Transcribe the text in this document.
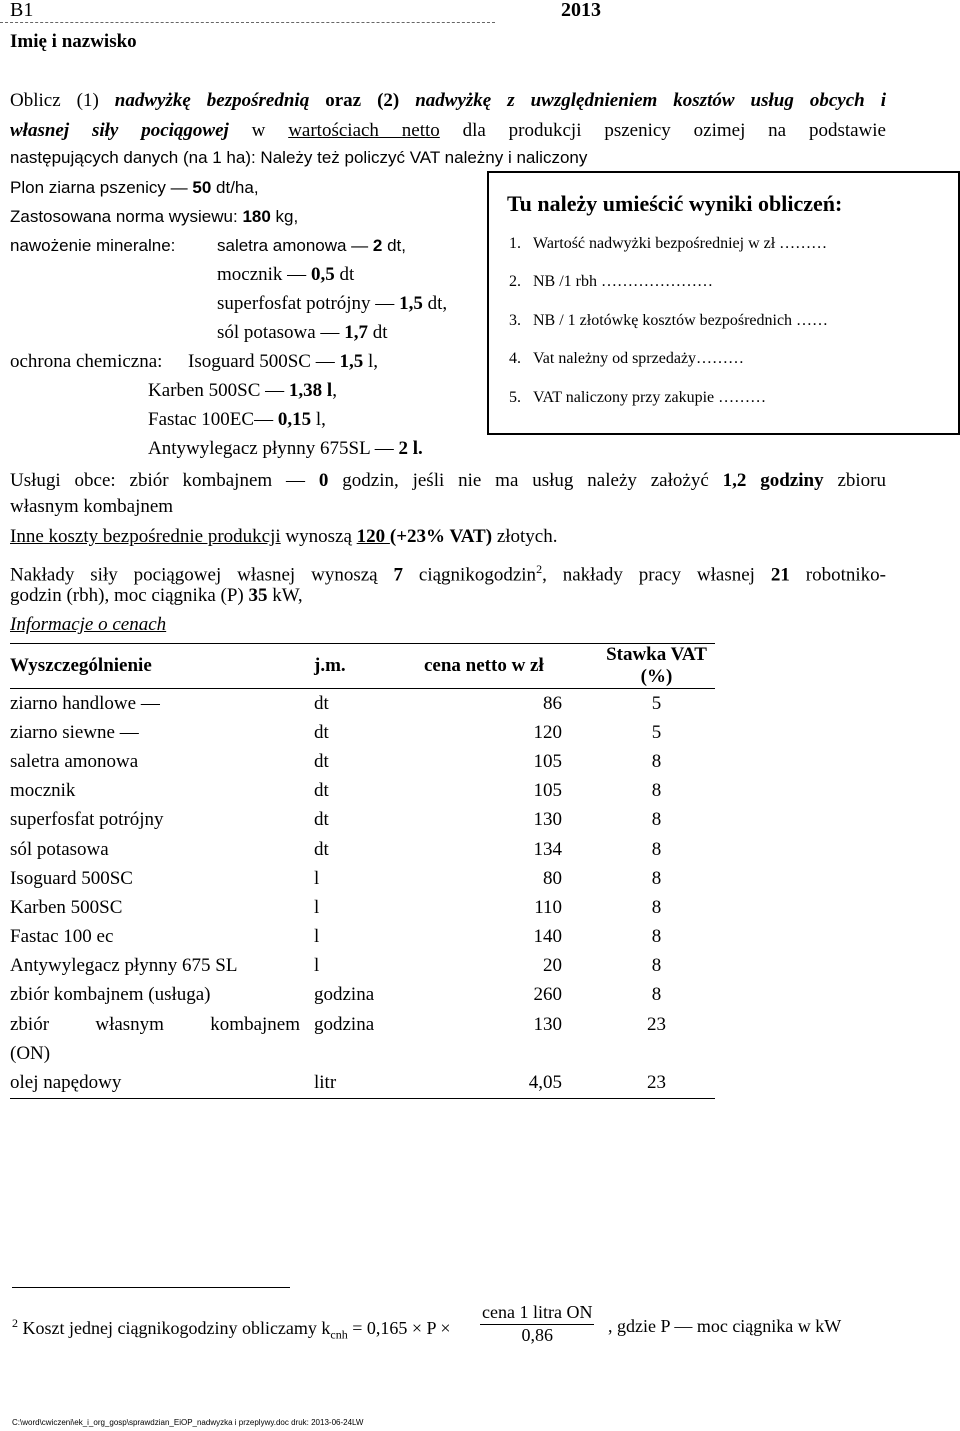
B1	2013
Imię i nazwisko
Oblicz (1) nadwyżkę bezpośrednią oraz (2) nadwyżkę z uwzględnieniem kosztów usług obcych i
własnej siły pociągowej w wartościach netto dla produkcji pszenicy ozimej na podstawie
następujących danych (na 1 ha): Należy też policzyć VAT należny i naliczony
Plon ziarna pszenicy — 50 dt/ha,
Zastosowana norma wysiewu: 180 kg,
nawożenie mineralne: saletra amonowa — 2 dt,
mocznik — 0,5 dt
superfosfat potrójny — 1,5 dt,
sól potasowa — 1,7 dt
ochrona chemiczna: Isoguard 500SC — 1,5 l,
Karben 500SC — 1,38 l,
Fastac 100EC— 0,15 l,
Antywylegacz płynny 675SL — 2 l.
Tu należy umieścić wyniki obliczeń:
1. Wartość nadwyżki bezpośredniej w zł ………
2. NB /1 rbh …………………
3. NB / 1 złotówkę kosztów bezpośrednich ……
4. Vat należny od sprzedaży………
5. VAT naliczony przy zakupie ………
Usługi obce: zbiór kombajnem — 0 godzin, jeśli nie ma usług należy założyć 1,2 godziny zbioru
własnym kombajnem
Inne koszty bezpośrednie produkcji wynoszą 120 (+23% VAT) złotych.
Nakłady siły pociągowej własnej wynoszą 7 ciągnikogodzin$^2$, nakłady pracy własnej 21 robotniko-
godzin (rbh), moc ciągnika (P) 35 kW,
Informacje o cenach
Wyszczególnienie	j.m.	cena netto w zł	Stawka VAT (%)
ziarno handlowe —	dt	86	5
ziarno siewne —	dt	120	5
saletra amonowa	dt	105	8
mocznik	dt	105	8
superfosfat potrójny	dt	130	8
sól potasowa	dt	134	8
Isoguard 500SC	l	80	8
Karben 500SC	l	110	8
Fastac 100 ec	l	140	8
Antywylegacz płynny 675 SL	l	20	8
zbiór kombajnem (usługa)	godzina	260	8
zbiór własnym kombajnem	godzina	130	23
(ON)			
olej napędowy	litr	4,05	23
$^2$ Koszt jednej ciągnikogodziny obliczamy $k_{cnh} = 0,165 \times P$ ×
cena 1 litra ON
0,86	, gdzie P — moc ciągnika w kW
C:\word\cwiczeni\ek_i_org_gosp\sprawdzian_EiOP_nadwyzka i przeplywy.doc druk: 2013-06-24LW
